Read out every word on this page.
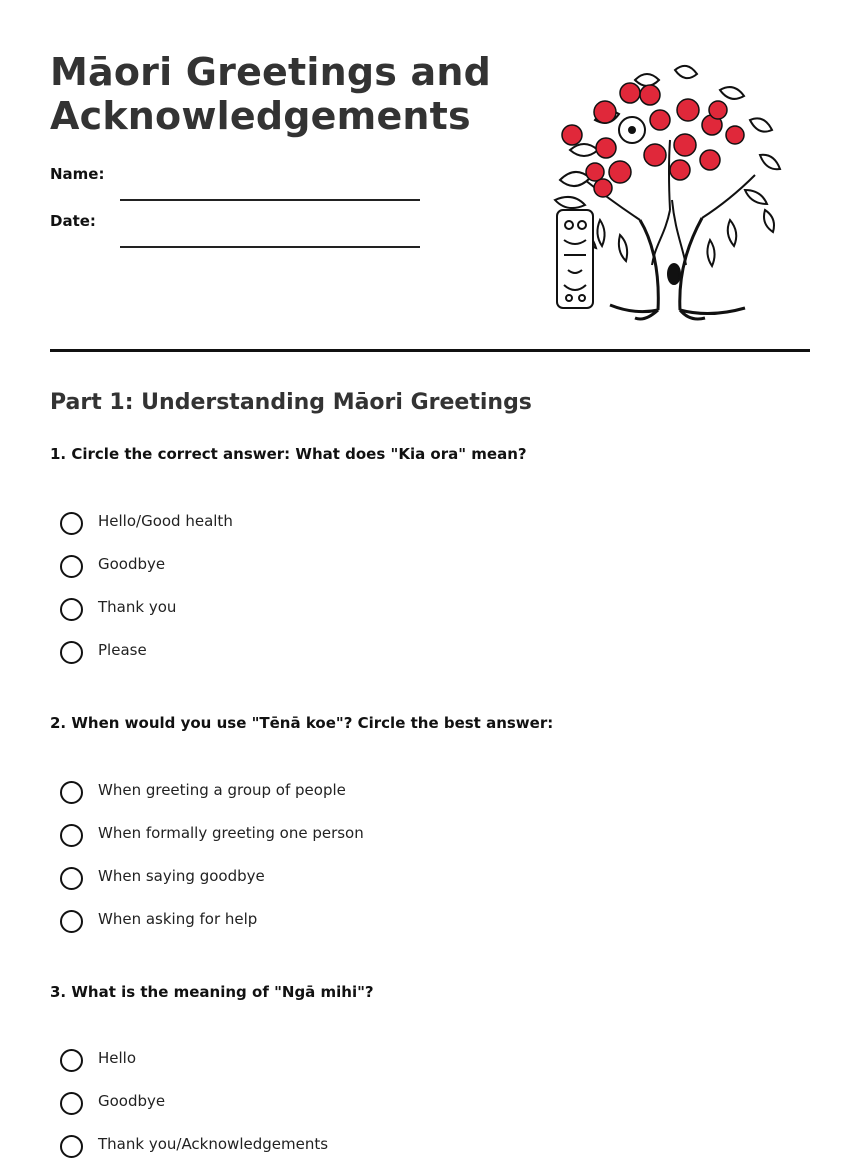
Māori Greetings and
Acknowledgements
Name:
Date:
Part 1: Understanding Māori Greetings

1. Circle the correct answer: What does "Kia ora" mean?

Hello/Good health
Goodbye
Thank you
Please

2. When would you use "Tēnā koe"? Circle the best answer:

When greeting a group of people
When formally greeting one person
When saying goodbye
When asking for help

3. What is the meaning of "Ngā mihi"?

Hello
Goodbye
Thank you/Acknowledgements
